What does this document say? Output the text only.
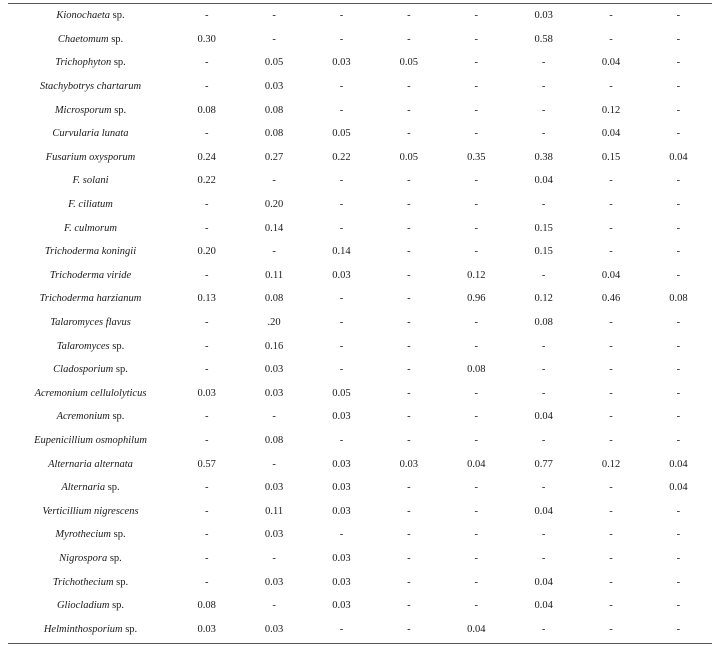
Kionochaeta sp.	-	-	-	-	-	0.03	-	-
Chaetomum sp.	0.30	-	-	-	-	0.58	-	-
Trichophyton sp.	-	0.05	0.03	0.05	-	-	0.04	-
Stachybotrys chartarum	-	0.03	-	-	-	-	-	-
Microsporum sp.	0.08	0.08	-	-	-	-	0.12	-
Curvularia lunata	-	0.08	0.05	-	-	-	0.04	-
Fusarium oxysporum	0.24	0.27	0.22	0.05	0.35	0.38	0.15	0.04
F. solani	0.22	-	-	-	-	0.04	-	-
F. ciliatum	-	0.20	-	-	-	-	-	-
F. culmorum	-	0.14	-	-	-	0.15	-	-
Trichoderma koningii	0.20	-	0.14	-	-	0.15	-	-
Trichoderma viride	-	0.11	0.03	-	0.12	-	0.04	-
Trichoderma harzianum	0.13	0.08	-	-	0.96	0.12	0.46	0.08
Talaromyces flavus	-	.20	-	-	-	0.08	-	-
Talaromyces sp.	-	0.16	-	-	-	-	-	-
Cladosporium sp.	-	0.03	-	-	0.08	-	-	-
Acremonium cellulolyticus	0.03	0.03	0.05	-	-	-	-	-
Acremonium sp.	-	-	0.03	-	-	0.04	-	-
Eupenicillium osmophilum	-	0.08	-	-	-	-	-	-
Alternaria alternata	0.57	-	0.03	0.03	0.04	0.77	0.12	0.04
Alternaria sp.	-	0.03	0.03	-	-	-	-	0.04
Verticillium nigrescens	-	0.11	0.03	-	-	0.04	-	-
Myrothecium sp.	-	0.03	-	-	-	-	-	-
Nigrospora sp.	-	-	0.03	-	-	-	-	-
Trichothecium sp.	-	0.03	0.03	-	-	0.04	-	-
Gliocladium sp.	0.08	-	0.03	-	-	0.04	-	-
Helminthosporium sp.	0.03	0.03	-	-	0.04	-	-	-
